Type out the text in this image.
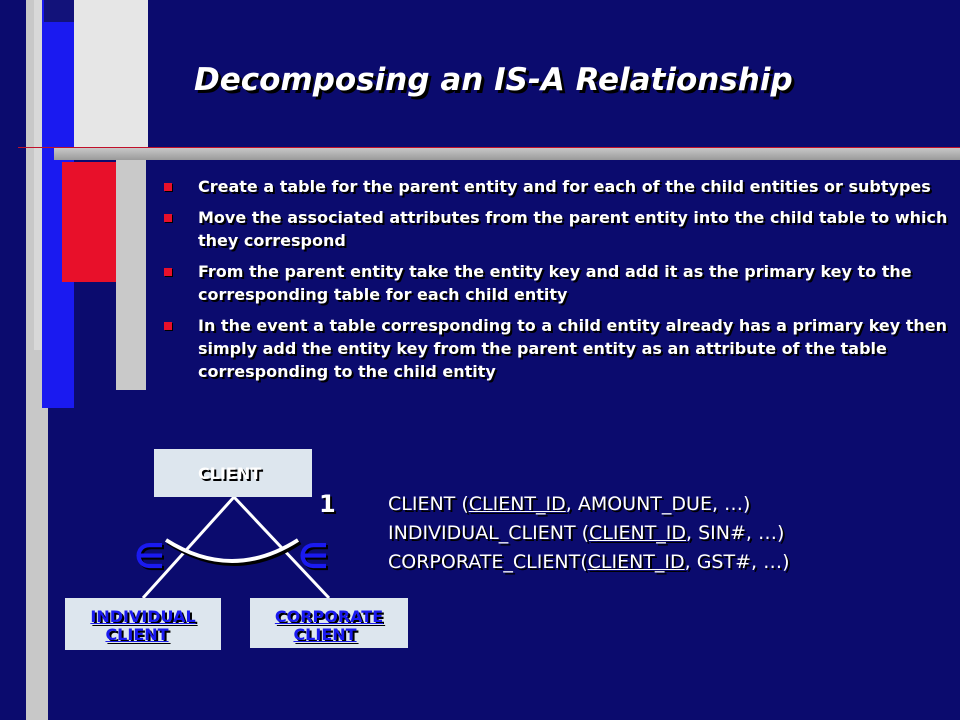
Decomposing an IS-A Relationship
Create a table for the parent entity and for each of the child entities or subtypes
Move the associated attributes from the parent entity into the child table to which they correspond
From the parent entity take the entity key and add it as the primary key to the corresponding table for each child entity
In the event a table corresponding to a child entity already has a primary key then simply add the entity key from the parent entity as an attribute of the table corresponding to the child entity
CLIENT
INDIVIDUAL
CLIENT
CORPORATE
CLIENT
∈	∈
1	CLIENT (CLIENT_ID, AMOUNT_DUE, …)
INDIVIDUAL_CLIENT (CLIENT_ID, SIN#, …)
CORPORATE_CLIENT(CLIENT_ID, GST#, …)
